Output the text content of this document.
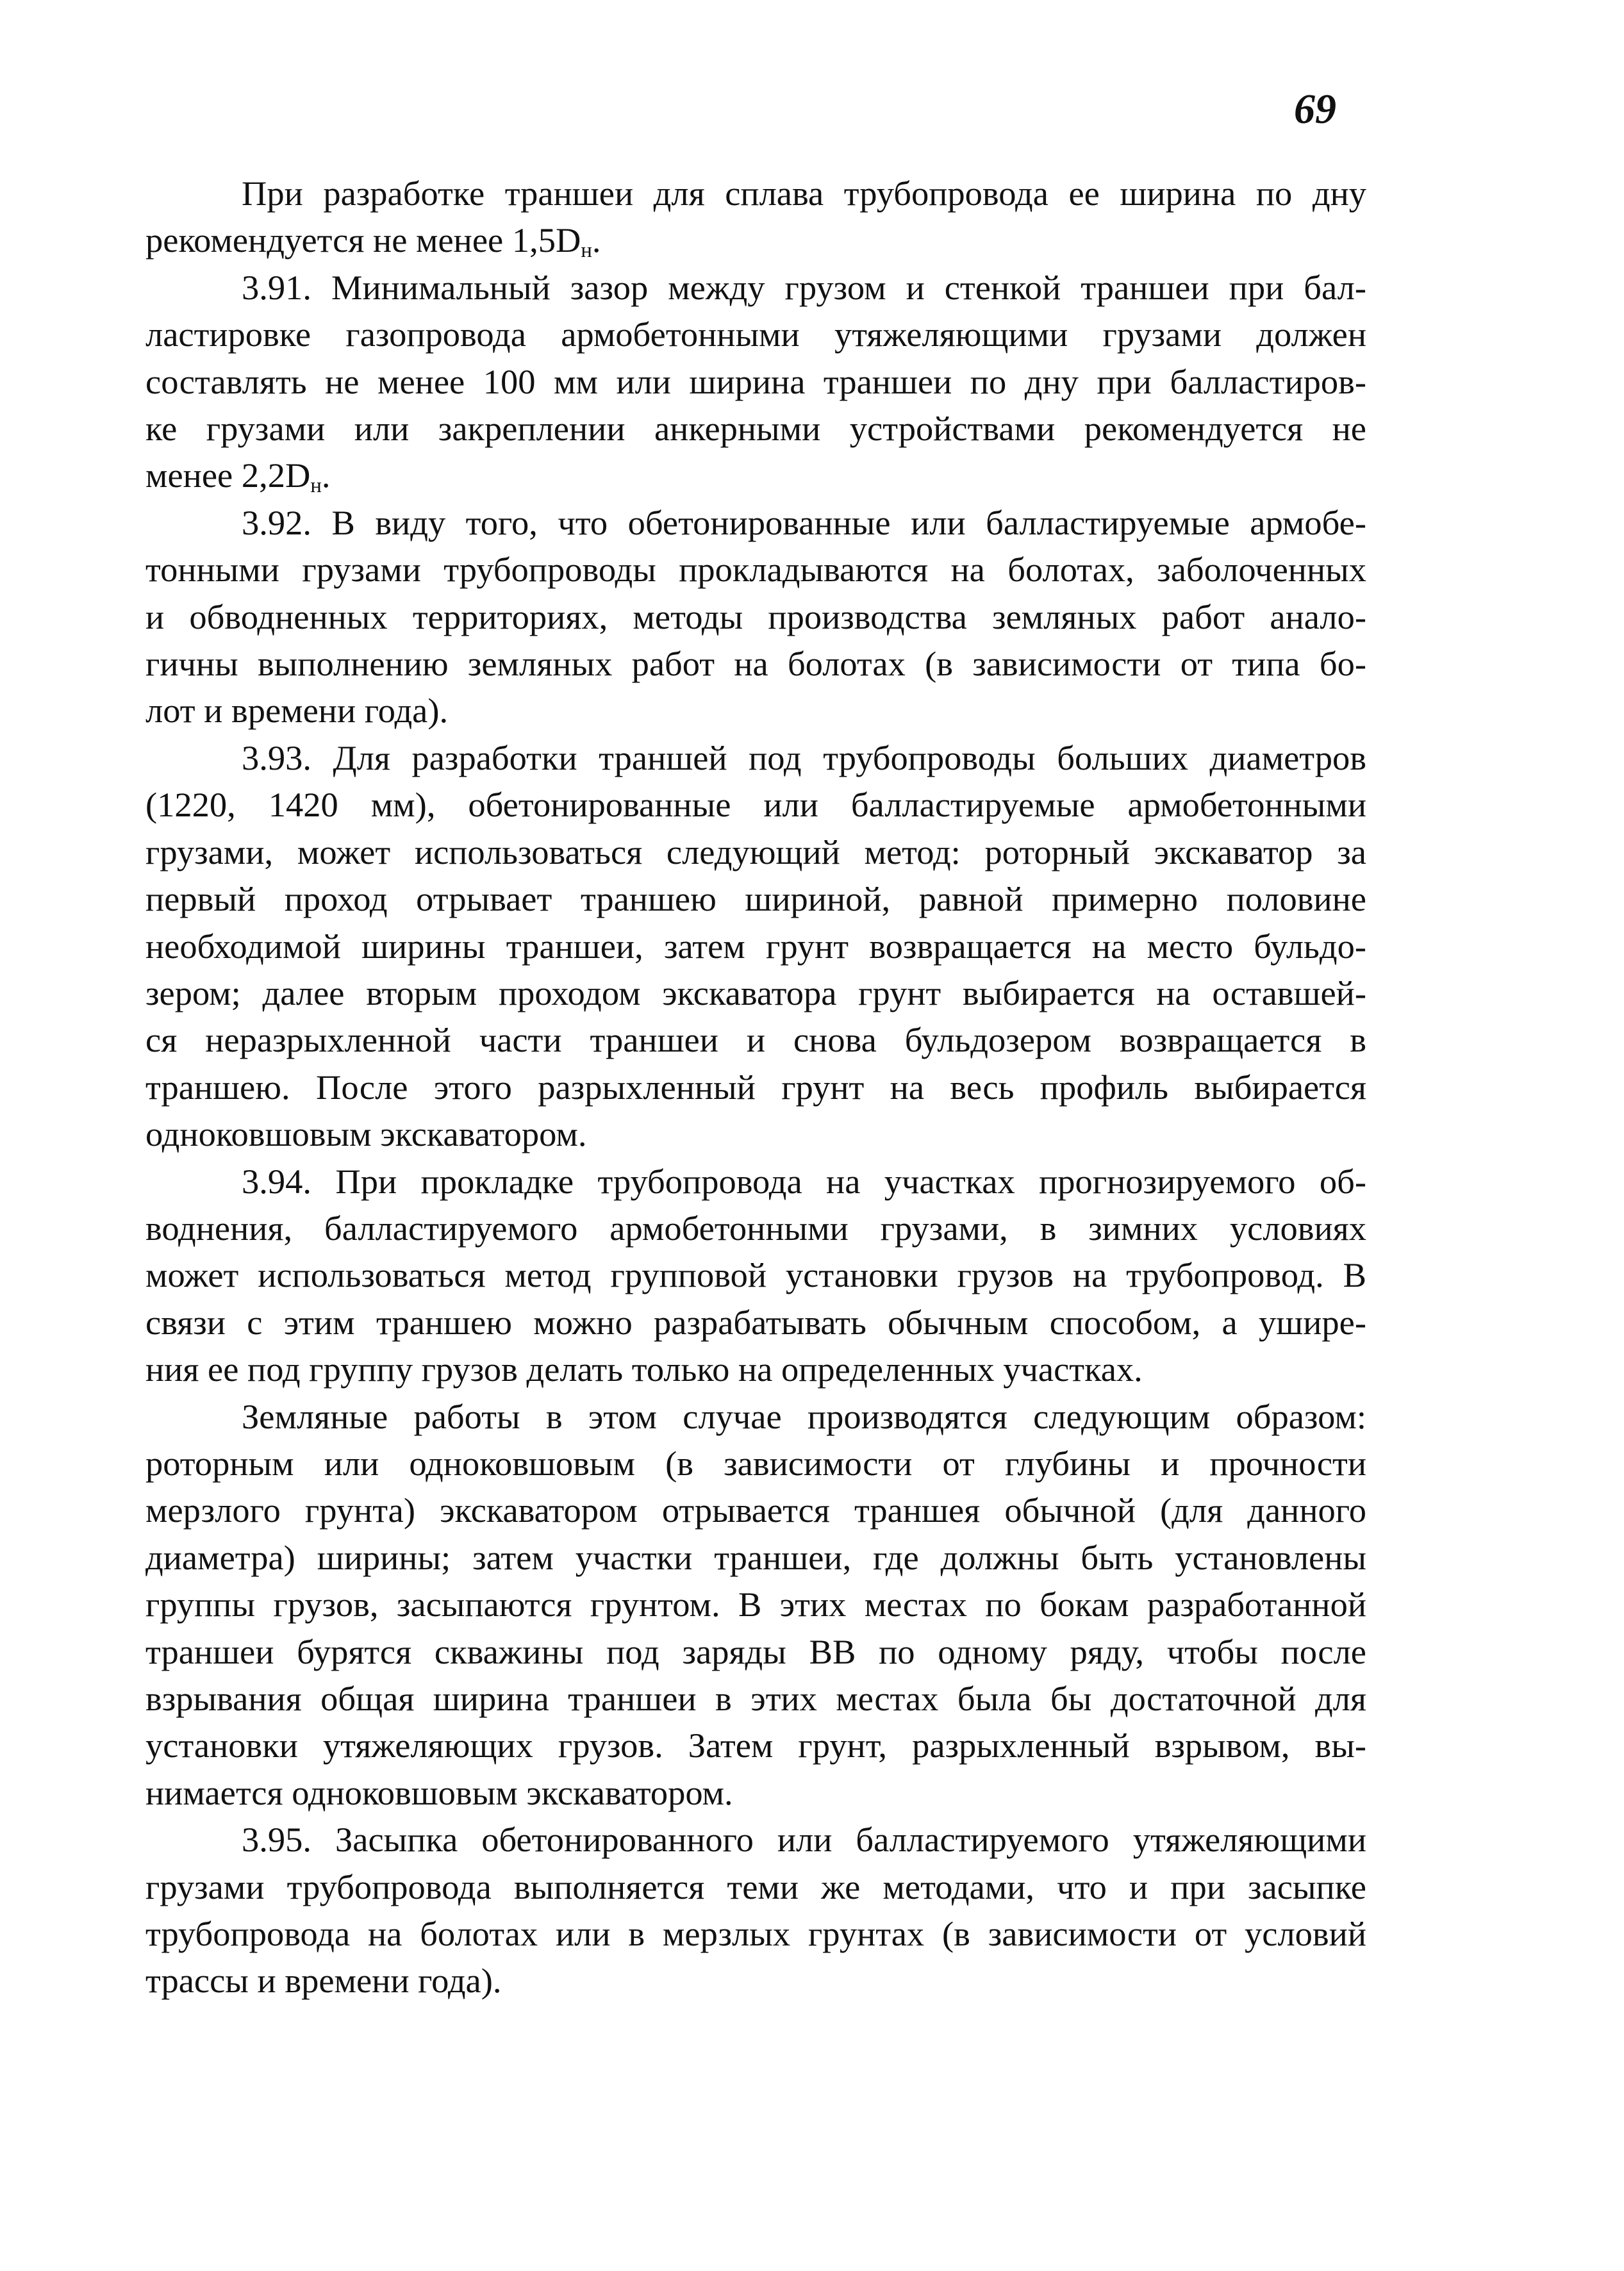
69
При разработке траншеи для сплава трубопровода ее ширина по дну
рекомендуется не менее $1,5D_н$.
3.91. Минимальный зазор между грузом и стенкой траншеи при бал-
ластировке газопровода армобетонными утяжеляющими грузами должен
составлять не менее 100 мм или ширина траншеи по дну при балластиров-
ке грузами или закреплении анкерными устройствами рекомендуется не
менее $2,2D_н$.
3.92. В виду того, что обетонированные или балластируемые армобе-
тонными грузами трубопроводы прокладываются на болотах, заболоченных
и обводненных территориях, методы производства земляных работ анало-
гичны выполнению земляных работ на болотах (в зависимости от типа бо-
лот и времени года).
3.93. Для разработки траншей под трубопроводы больших диаметров
(1220, 1420 мм), обетонированные или балластируемые армобетонными
грузами, может использоваться следующий метод: роторный экскаватор за
первый проход отрывает траншею шириной, равной примерно половине
необходимой ширины траншеи, затем грунт возвращается на место бульдо-
зером; далее вторым проходом экскаватора грунт выбирается на оставшей-
ся неразрыхленной части траншеи и снова бульдозером возвращается в
траншею. После этого разрыхленный грунт на весь профиль выбирается
одноковшовым экскаватором.
3.94. При прокладке трубопровода на участках прогнозируемого об-
воднения, балластируемого армобетонными грузами, в зимних условиях
может использоваться метод групповой установки грузов на трубопровод. В
связи с этим траншею можно разрабатывать обычным способом, а ушире-
ния ее под группу грузов делать только на определенных участках.
Земляные работы в этом случае производятся следующим образом:
роторным или одноковшовым (в зависимости от глубины и прочности
мерзлого грунта) экскаватором отрывается траншея обычной (для данного
диаметра) ширины; затем участки траншеи, где должны быть установлены
группы грузов, засыпаются грунтом. В этих местах по бокам разработанной
траншеи бурятся скважины под заряды ВВ по одному ряду, чтобы после
взрывания общая ширина траншеи в этих местах была бы достаточной для
установки утяжеляющих грузов. Затем грунт, разрыхленный взрывом, вы-
нимается одноковшовым экскаватором.
3.95. Засыпка обетонированного или балластируемого утяжеляющими
грузами трубопровода выполняется теми же методами, что и при засыпке
трубопровода на болотах или в мерзлых грунтах (в зависимости от условий
трассы и времени года).
